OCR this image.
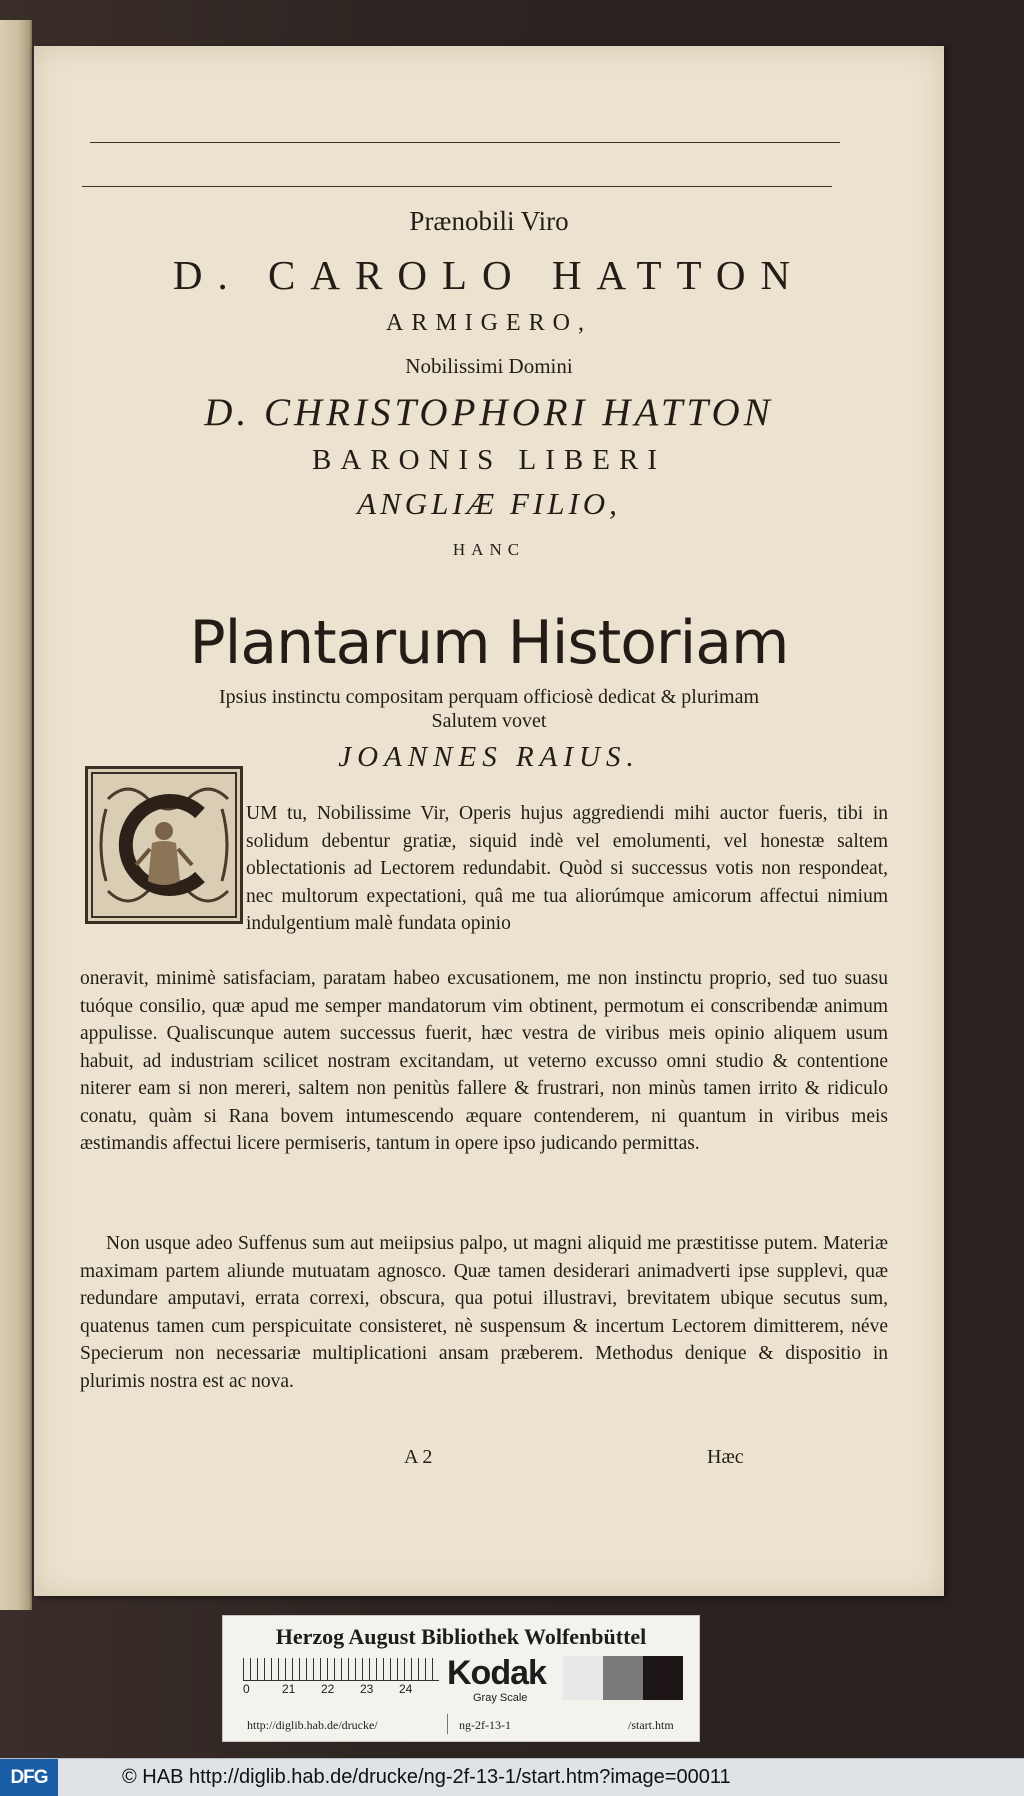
Prænobili Viro
D. CAROLO HATTON
ARMIGERO,
Nobilissimi Domini
D. CHRISTOPHORI HATTON
BARONIS LIBERI
ANGLIÆ FILIO,
HANC
Plantarum Historiam
Ipsius instinctu compositam perquam officiosè dedicat & plurimam
Salutem vovet
JOANNES RAIUS.
UM tu, Nobilissime Vir, Operis hujus aggrediendi mihi auctor fueris, tibi in solidum debentur gratiæ, siquid indè vel emolumenti, vel honestæ saltem oblectationis ad Lectorem redundabit. Quòd si successus votis non respondeat, nec multorum expectationi, quâ me tua aliorúmque amicorum affectui nimium indulgentium malè fundata opinio
oneravit, minimè satisfaciam, paratam habeo excusationem, me non instinctu proprio, sed tuo suasu tuóque consilio, quæ apud me semper mandatorum vim obtinent, permotum ei conscribendæ animum appulisse. Qualiscunque autem successus fuerit, hæc vestra de viribus meis opinio aliquem usum habuit, ad industriam scilicet nostram excitandam, ut veterno excusso omni studio & contentione niterer eam si non mereri, saltem non penitùs fallere & frustrari, non minùs tamen irrito & ridiculo conatu, quàm si Rana bovem intumescendo æquare contenderem, ni quantum in viribus meis æstimandis affectui licere permiseris, tantum in opere ipso judicando permittas.
Non usque adeo Suffenus sum aut meiipsius palpo, ut magni aliquid me præstitisse putem. Materiæ maximam partem aliunde mutuatam agnosco. Quæ tamen desiderari animadverti ipse supplevi, quæ redundare amputavi, errata correxi, obscura, qua potui illustravi, brevitatem ubique secutus sum, quatenus tamen cum perspicuitate consisteret, nè suspensum & incertum Lectorem dimitterem, néve Specierum non necessariæ multiplicationi ansam præberem. Methodus denique & dispositio in plurimis nostra est ac nova.
A 2	Hæc
Herzog August Bibliothek Wolfenbüttel
0	21 22 23 24	Kodak
Gray Scale
http://diglib.hab.de/drucke/	ng-2f-13-1	/start.htm
DFG	© HAB http://diglib.hab.de/drucke/ng-2f-13-1/start.htm?image=00011
